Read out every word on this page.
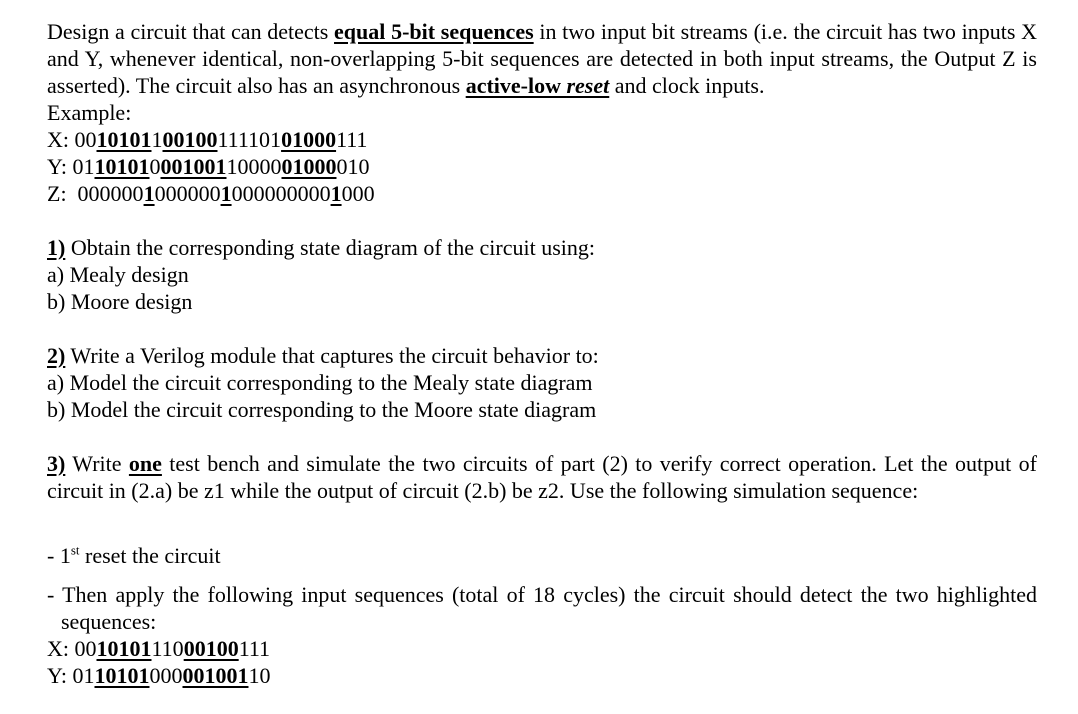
Design a circuit that can detects equal 5-bit sequences in two input bit streams (i.e. the circuit has two inputs X and Y, whenever identical, non-overlapping 5-bit sequences are detected in both input streams, the Output Z is asserted). The circuit also has an asynchronous active-low reset and clock inputs.

Example:

X: 001010110010011110101000111

Y: 011010100010011000001000010

Z:  000000100000010000000001000

1) Obtain the corresponding state diagram of the circuit using:

a) Mealy design

b) Moore design

2) Write a Verilog module that captures the circuit behavior to:

a) Model the circuit corresponding to the Mealy state diagram

b) Model the circuit corresponding to the Moore state diagram

3) Write one test bench and simulate the two circuits of part (2) to verify correct operation. Let the output of circuit in (2.a) be z1 while the output of circuit (2.b) be z2. Use the following simulation sequence:

- 1st reset the circuit

- Then apply the following input sequences (total of 18 cycles) the circuit should detect the two highlighted sequences:

X: 001010111000100111

Y: 011010100000100110
